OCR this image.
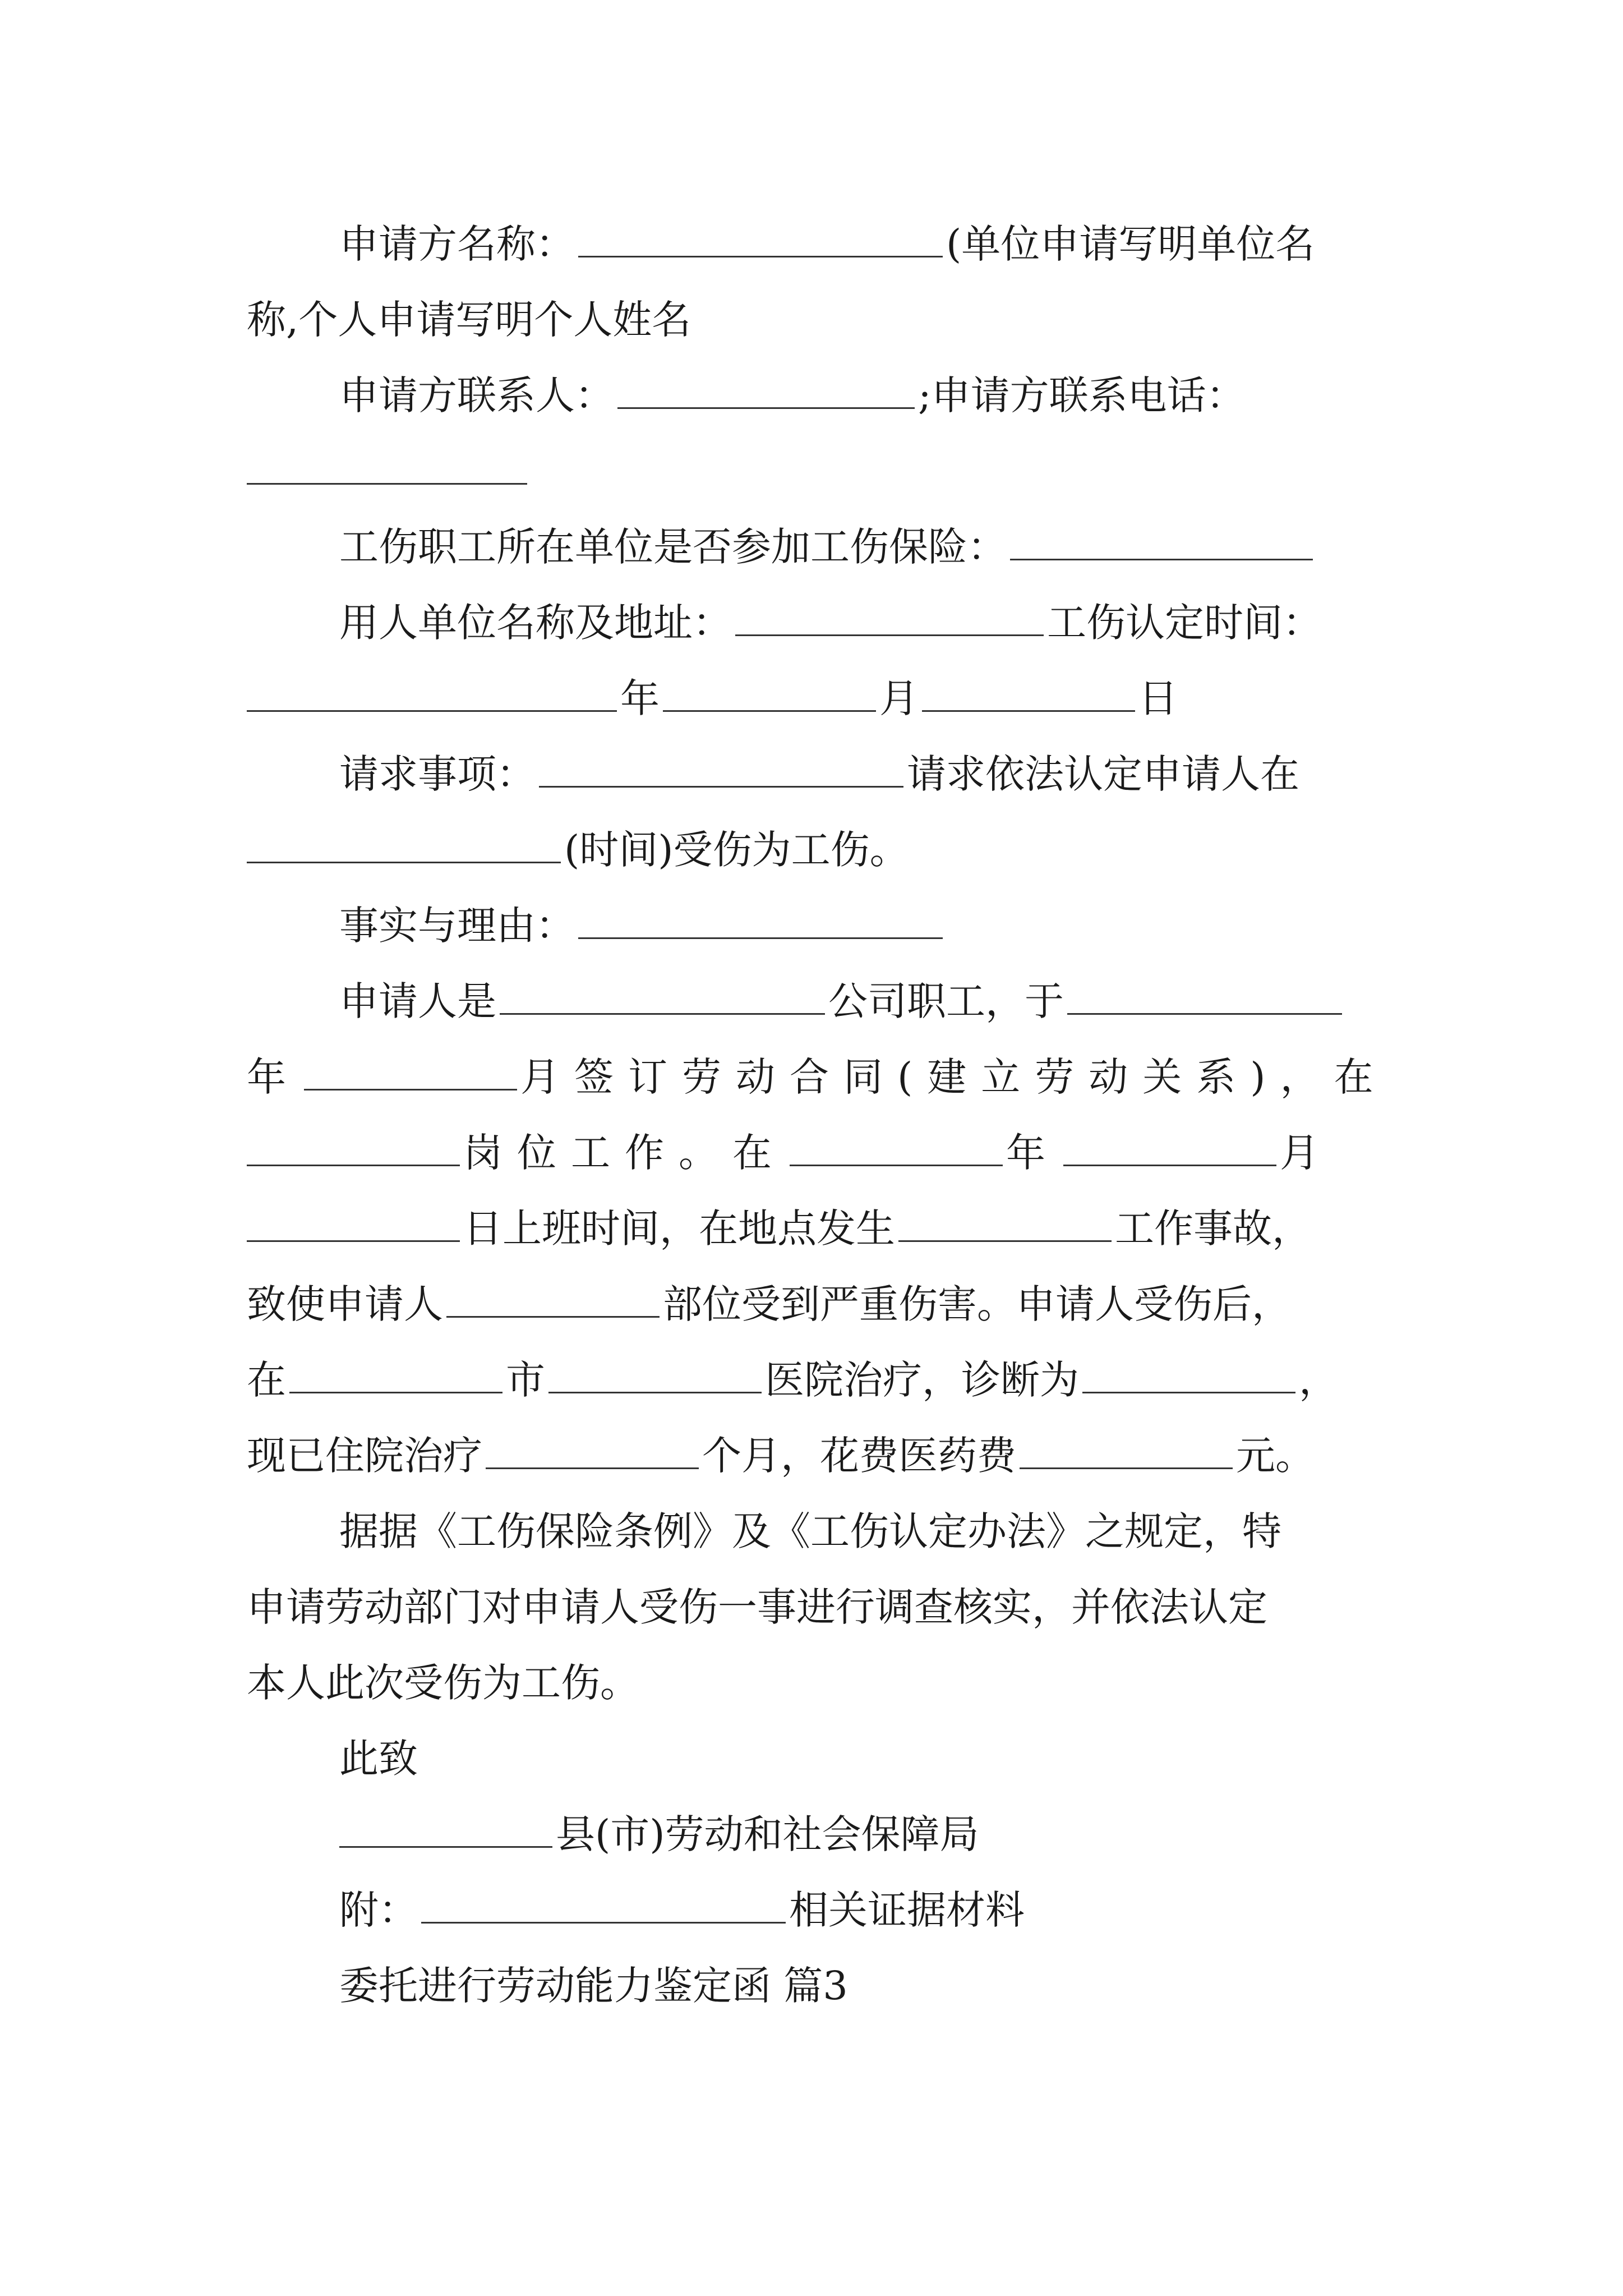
申请方名称：	(单位申请写明单位名
称,个人申请写明个人姓名
申请方联系人：	;申请方联系电话：
工伤职工所在单位是否参加工伤保险：
用人单位名称及地址：	工伤认定时间：
年	月	日
请求事项：	请求依法认定申请人在
(时间)受伤为工伤。
事实与理由：
申请人是	公司职工，于
年	月签订劳动合同(建立劳动关系)，在
岗位工作。在	年	月
日上班时间，在地点发生	工作事故，
致使申请人	部位受到严重伤害。申请人受伤后，
在	市	医院治疗，诊断为	，
现已住院治疗	个月，花费医药费	元。
据据《工伤保险条例》及《工伤认定办法》之规定，特
申请劳动部门对申请人受伤一事进行调查核实，并依法认定
本人此次受伤为工伤。
此致
县(市)劳动和社会保障局
附：	相关证据材料
委托进行劳动能力鉴定函 篇3
